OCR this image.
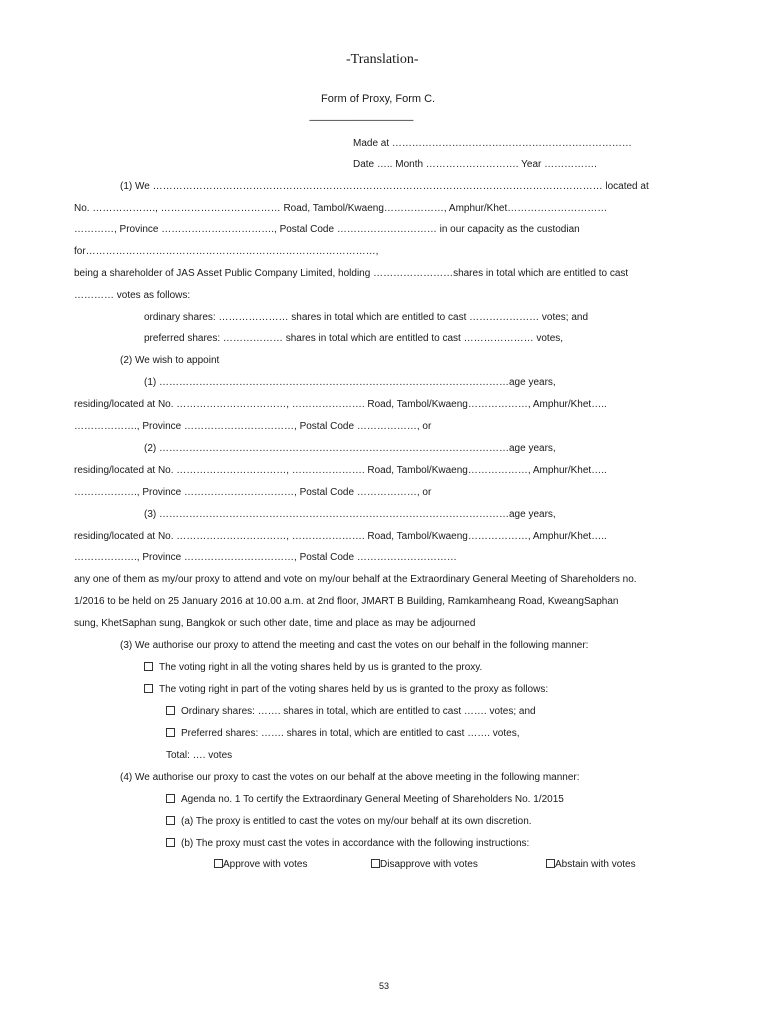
-Translation-
Form of Proxy, Form C.
----------------------------------------------------
Made at ………………………………………………………………
Date ….. Month ………………………. Year …………….
(1) We ……………………………………………………………………………………………………………………… located at
No. ………………., ……………………………… Road, Tambol/Kwaeng………………, Amphur/Khet…………………………
…………, Province ……………………………., Postal Code ………………………… in our capacity as the custodian
for……………………………………………………………………………,
being a shareholder of JAS Asset Public Company Limited, holding ……………………shares in total which are entitled to cast
………… votes as follows:
ordinary shares: ………………… shares in total which are entitled to cast ………………… votes; and
preferred shares: ……………… shares in total which are entitled to cast ………………… votes,
(2) We wish to appoint
(1) ……………………………………………………………………………………………age years,
residing/located at No. ……………………………, …………………. Road, Tambol/Kwaeng………………, Amphur/Khet…..
………………., Province ……………………………, Postal Code ………………, or
(2) ……………………………………………………………………………………………age years,
residing/located at No. ……………………………, …………………. Road, Tambol/Kwaeng………………, Amphur/Khet…..
………………., Province ……………………………, Postal Code ………………, or
(3) ……………………………………………………………………………………………age years,
residing/located at No. ……………………………, …………………. Road, Tambol/Kwaeng………………, Amphur/Khet…..
………………., Province ……………………………, Postal Code …………………………
any one of them as my/our proxy to attend and vote on my/our behalf at the Extraordinary General Meeting of Shareholders no.
1/2016 to be held on 25 January 2016 at 10.00 a.m. at 2nd floor, JMART B Building, Ramkamheang Road, KweangSaphan
sung, KhetSaphan sung, Bangkok or such other date, time and place as may be adjourned
(3) We authorise our proxy to attend the meeting and cast the votes on our behalf in the following manner:
The voting right in all the voting shares held by us is granted to the proxy.
The voting right in part of the voting shares held by us is granted to the proxy as follows:
Ordinary shares: ……. shares in total, which are entitled to cast ……. votes; and
Preferred shares: ……. shares in total, which are entitled to cast ……. votes,
Total: …. votes
(4) We authorise our proxy to cast the votes on our behalf at the above meeting in the following manner:
Agenda no. 1 To certify the Extraordinary General Meeting of Shareholders No. 1/2015
(a) The proxy is entitled to cast the votes on my/our behalf at its own discretion.
(b) The proxy must cast the votes in accordance with the following instructions:
Approve with votes	Disapprove with votes	Abstain with votes
53
